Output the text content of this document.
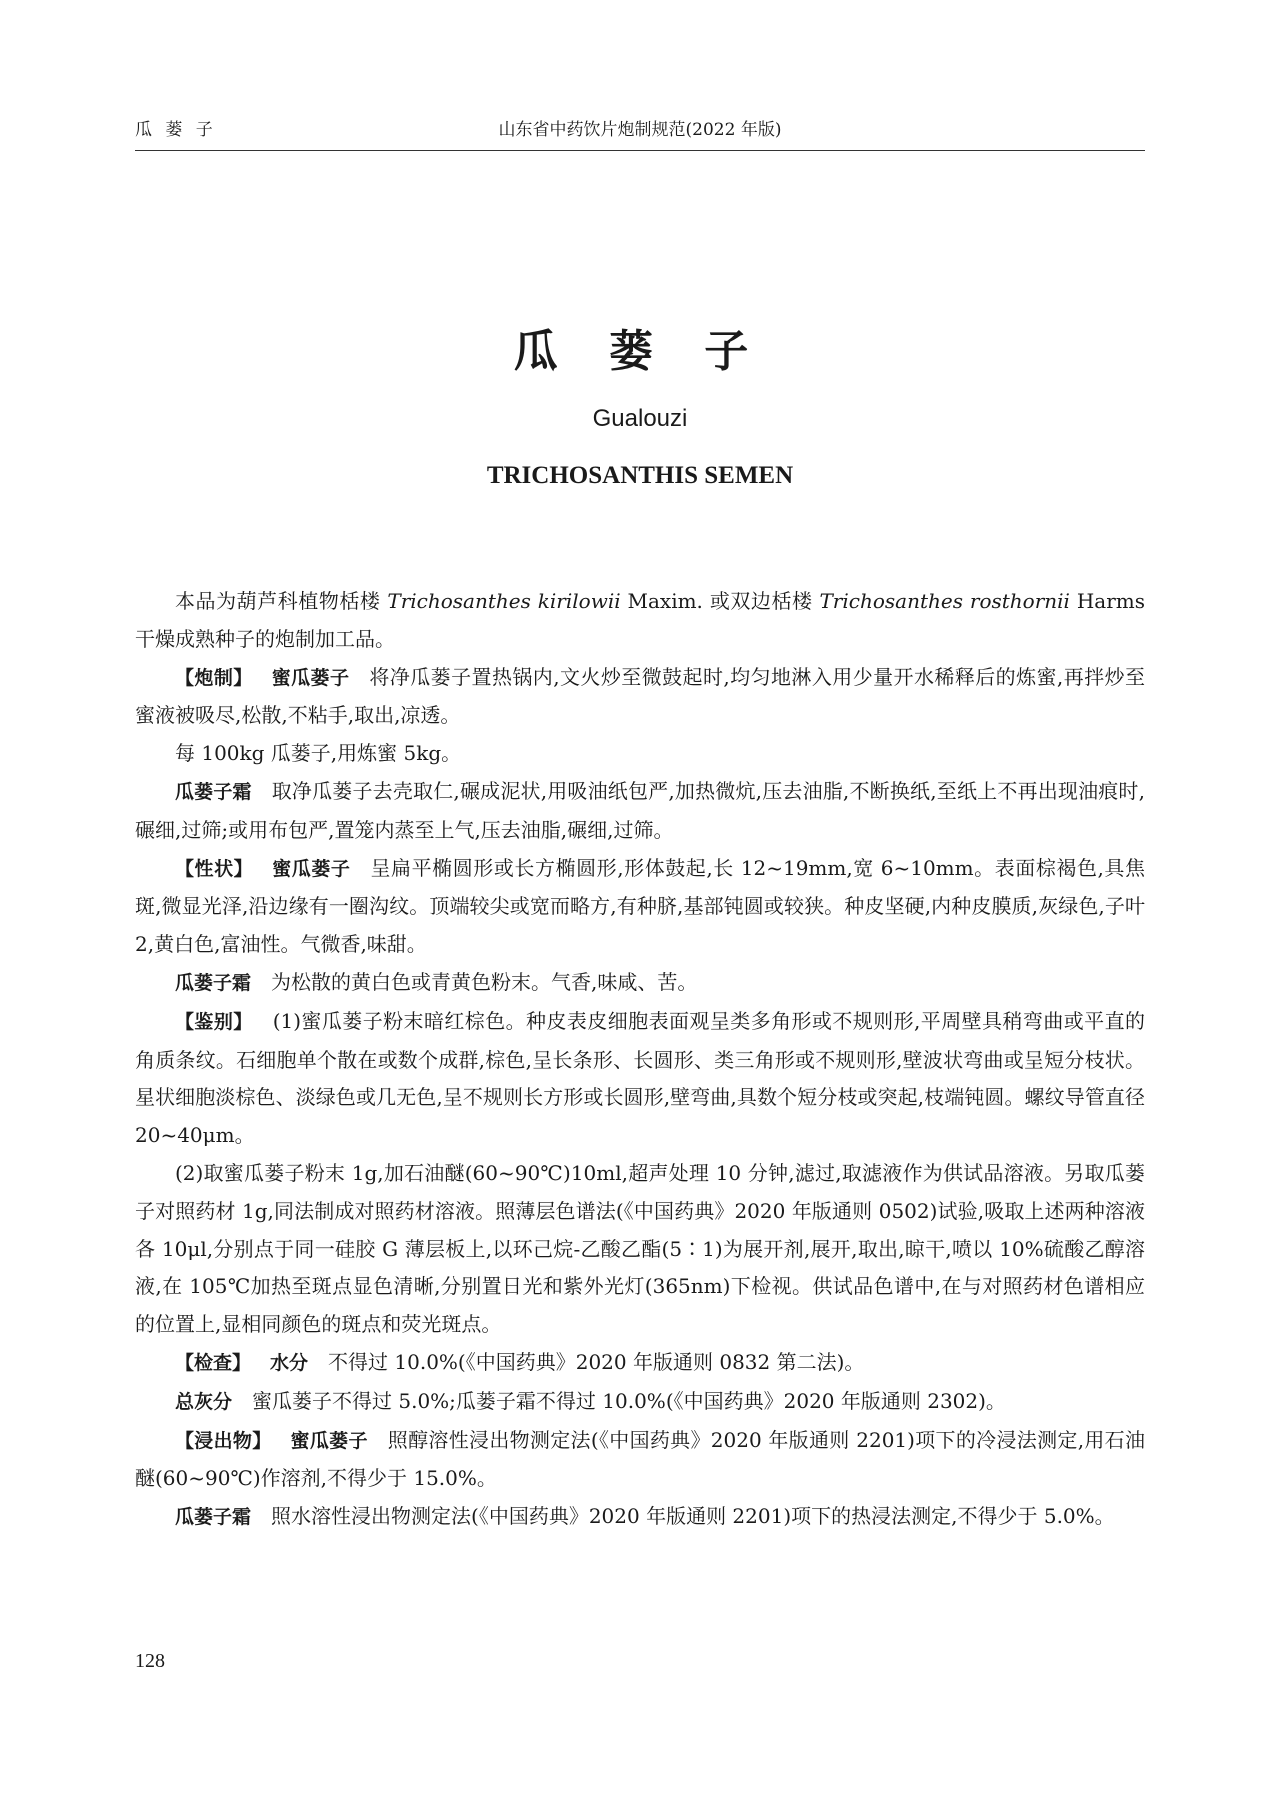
瓜 蒌 子	山东省中药饮片炮制规范(2022 年版)
瓜 蒌 子
Gualouzi
TRICHOSANTHIS SEMEN

本品为葫芦科植物栝楼 Trichosanthes kirilowii Maxim. 或双边栝楼 Trichosanthes rosthornii Harms 干燥成熟种子的炮制加工品。

【炮制】 蜜瓜蒌子 将净瓜蒌子置热锅内,文火炒至微鼓起时,均匀地淋入用少量开水稀释后的炼蜜,再拌炒至蜜液被吸尽,松散,不粘手,取出,凉透。

每 100kg 瓜蒌子,用炼蜜 5kg。

瓜蒌子霜 取净瓜蒌子去壳取仁,碾成泥状,用吸油纸包严,加热微炕,压去油脂,不断换纸,至纸上不再出现油痕时,碾细,过筛;或用布包严,置笼内蒸至上气,压去油脂,碾细,过筛。

【性状】 蜜瓜蒌子 呈扁平椭圆形或长方椭圆形,形体鼓起,长 12~19mm,宽 6~10mm。表面棕褐色,具焦斑,微显光泽,沿边缘有一圈沟纹。顶端较尖或宽而略方,有种脐,基部钝圆或较狭。种皮坚硬,内种皮膜质,灰绿色,子叶 2,黄白色,富油性。气微香,味甜。

瓜蒌子霜 为松散的黄白色或青黄色粉末。气香,味咸、苦。

【鉴别】 (1)蜜瓜蒌子粉末暗红棕色。种皮表皮细胞表面观呈类多角形或不规则形,平周壁具稍弯曲或平直的角质条纹。石细胞单个散在或数个成群,棕色,呈长条形、长圆形、类三角形或不规则形,壁波状弯曲或呈短分枝状。星状细胞淡棕色、淡绿色或几无色,呈不规则长方形或长圆形,壁弯曲,具数个短分枝或突起,枝端钝圆。螺纹导管直径 20~40μm。

(2)取蜜瓜蒌子粉末 1g,加石油醚(60~90℃)10ml,超声处理 10 分钟,滤过,取滤液作为供试品溶液。另取瓜蒌子对照药材 1g,同法制成对照药材溶液。照薄层色谱法(《中国药典》2020 年版通则 0502)试验,吸取上述两种溶液各 10μl,分别点于同一硅胶 G 薄层板上,以环己烷-乙酸乙酯(5∶1)为展开剂,展开,取出,晾干,喷以 10%硫酸乙醇溶液,在 105℃加热至斑点显色清晰,分别置日光和紫外光灯(365nm)下检视。供试品色谱中,在与对照药材色谱相应的位置上,显相同颜色的斑点和荧光斑点。

【检查】 水分 不得过 10.0%(《中国药典》2020 年版通则 0832 第二法)。

总灰分 蜜瓜蒌子不得过 5.0%;瓜蒌子霜不得过 10.0%(《中国药典》2020 年版通则 2302)。

【浸出物】 蜜瓜蒌子 照醇溶性浸出物测定法(《中国药典》2020 年版通则 2201)项下的冷浸法测定,用石油醚(60~90℃)作溶剂,不得少于 15.0%。

瓜蒌子霜 照水溶性浸出物测定法(《中国药典》2020 年版通则 2201)项下的热浸法测定,不得少于 5.0%。

128
